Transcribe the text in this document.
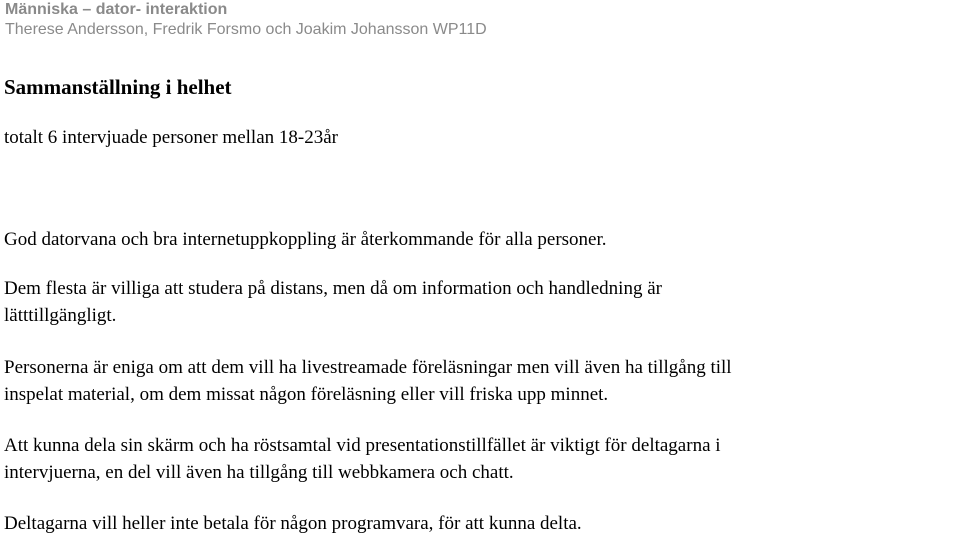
Människa – dator- interaktion
Therese Andersson, Fredrik Forsmo och Joakim Johansson WP11D
Sammanställning i helhet

totalt 6 intervjuade personer mellan 18-23år

God datorvana och bra internetuppkoppling är återkommande för alla personer.

Dem flesta är villiga att studera på distans, men då om information och handledning är
lätttillgängligt.

Personerna är eniga om att dem vill ha livestreamade föreläsningar men vill även ha tillgång till
inspelat material, om dem missat någon föreläsning eller vill friska upp minnet.

Att kunna dela sin skärm och ha röstsamtal vid presentationstillfället är viktigt för deltagarna i
intervjuerna, en del vill även ha tillgång till webbkamera och chatt.

Deltagarna vill heller inte betala för någon programvara, för att kunna delta.
